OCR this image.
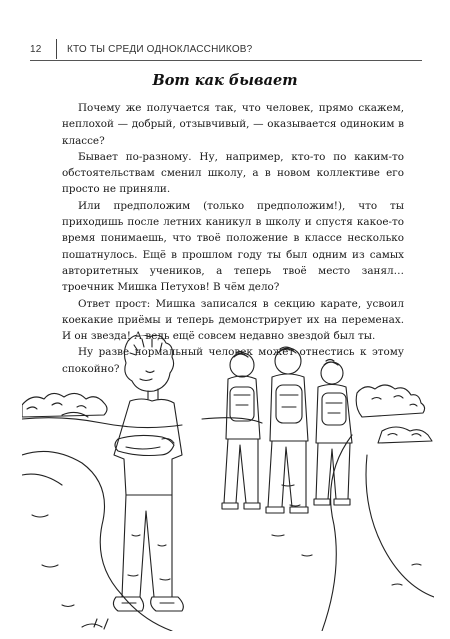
12	КТО ТЫ СРЕДИ ОДНОКЛАССНИКОВ?
Вот как бывает

Почему же получается так, что человек, прямо скажем, неплохой — добрый, отзывчивый, — оказывается одиноким в классе?

Бывает по-разному. Ну, например, кто-то по каким-то обстоятельствам сменил школу, а в новом коллективе его просто не приняли.

Или предположим (только предположим!), что ты приходишь после летних каникул в школу и спустя какое-то время понимаешь, что твоё положение в классе несколько пошатнулось. Ещё в прошлом году ты был одним из самых авторитетных учеников, а теперь твоё место занял… троечник Мишка Петухов! В чём дело?

Ответ прост: Мишка записался в секцию карате, усвоил коекакие приёмы и теперь демонстрирует их на переменах. И он звезда! А ведь ещё совсем недавно звездой был ты.

Ну разве нормальный человек может отнестись к этому спокойно?
